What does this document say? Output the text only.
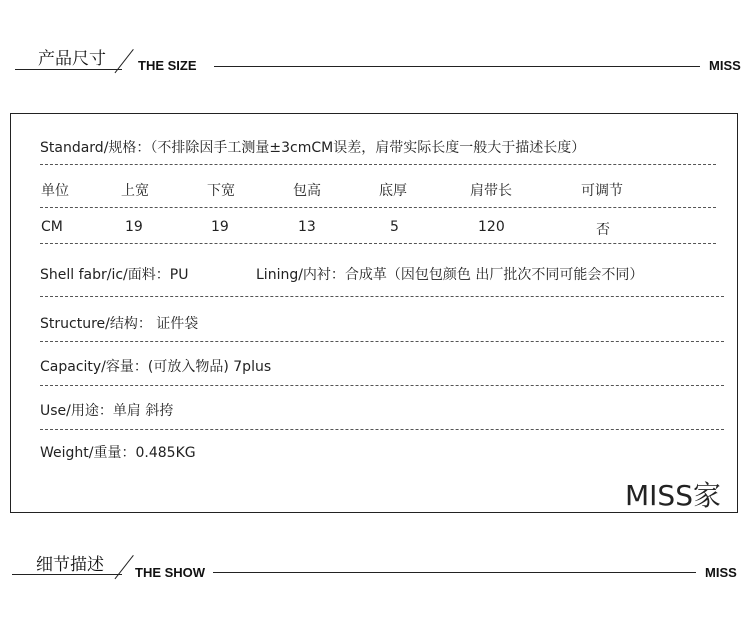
产品尺寸 THE SIZE	MISS
Standard/规格：（不排除因手工测量±3cmCM误差，肩带实际长度一般大于描述长度）
单位	上宽	下宽	包高	底厚	肩带长	可调节
CM	19	19	13	5	120	否
Shell fabr/ic/面料：PU	Lining/内衬：合成革（因包包颜色 出厂批次不同可能会不同）
Structure/结构： 证件袋
Capacity/容量：(可放入物品) 7plus
Use/用途：单肩 斜挎
Weight/重量：0.485KG
MISS家
细节描述 THE SHOW	MISS
